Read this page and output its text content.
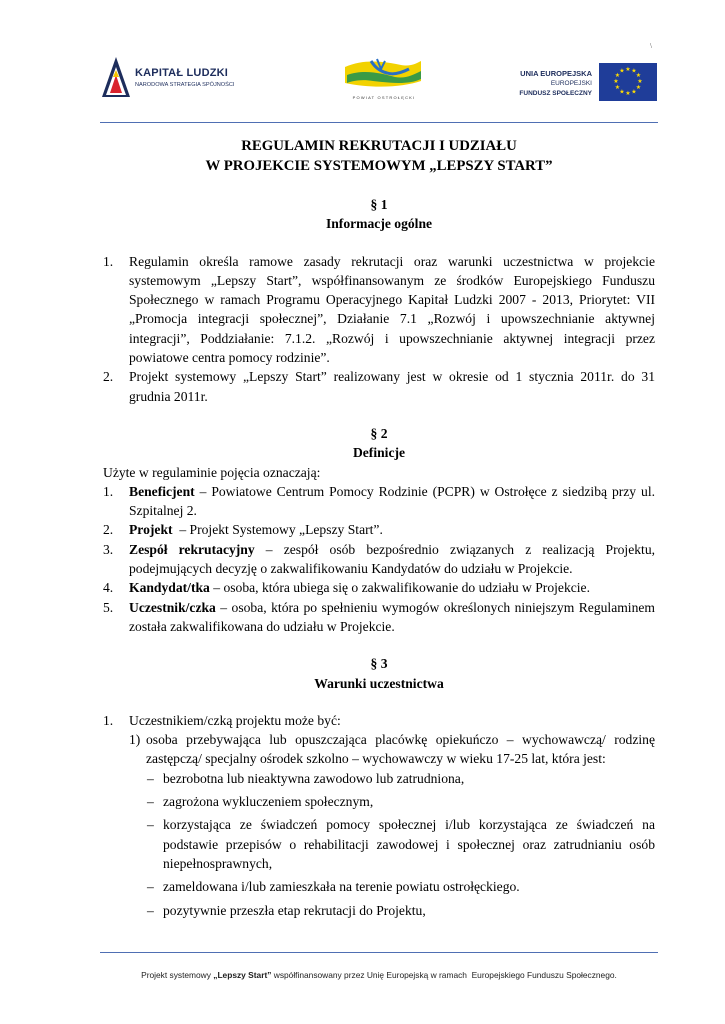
\
KAPITAŁ LUDZKI
NARODOWA STRATEGIA SPÓJNOŚCI
POWIAT OSTROŁĘCKI
UNIA EUROPEJSKA
EUROPEJSKI
FUNDUSZ SPOŁECZNY
★ ★
★
★
★
★
★
★
★
★
★
★
REGULAMIN REKRUTACJI I UDZIAŁU
W PROJEKCIE SYSTEMOWYM „LEPSZY START”
§ 1
Informacje ogólne
1. Regulamin określa ramowe zasady rekrutacji oraz warunki uczestnictwa w projekcie systemowym „Lepszy Start”, współfinansowanym ze środków Europejskiego Funduszu Społecznego w ramach Programu Operacyjnego Kapitał Ludzki 2007 - 2013, Priorytet: VII „Promocja integracji społecznej”, Działanie 7.1 „Rozwój i upowszechnianie aktywnej integracji”, Poddziałanie: 7.1.2. „Rozwój i upowszechnianie aktywnej integracji przez powiatowe centra pomocy rodzinie”.
2. Projekt systemowy „Lepszy Start” realizowany jest w okresie od 1 stycznia 2011r. do 31 grudnia 2011r.
§ 2
Definicje
Użyte w regulaminie pojęcia oznaczają:
1. Beneficjent – Powiatowe Centrum Pomocy Rodzinie (PCPR) w Ostrołęce z siedzibą przy ul. Szpitalnej 2.
2. Projekt  – Projekt Systemowy „Lepszy Start”.
3. Zespół rekrutacyjny – zespół osób bezpośrednio związanych z realizacją Projektu, podejmujących decyzję o zakwalifikowaniu Kandydatów do udziału w Projekcie.
4. Kandydat/tka – osoba, która ubiega się o zakwalifikowanie do udziału w Projekcie.
5. Uczestnik/czka – osoba, która po spełnieniu wymogów określonych niniejszym Regulaminem została zakwalifikowana do udziału w Projekcie.
§ 3
Warunki uczestnictwa
1. Uczestnikiem/czką projektu może być:
1) osoba przebywająca lub opuszczająca placówkę opiekuńczo – wychowawczą/ rodzinę zastępczą/ specjalny ośrodek szkolno – wychowawczy w wieku 17-25 lat, która jest:
– bezrobotna lub nieaktywna zawodowo lub zatrudniona,
– zagrożona wykluczeniem społecznym,
– korzystająca ze świadczeń pomocy społecznej i/lub korzystająca ze świadczeń na podstawie przepisów o rehabilitacji zawodowej i społecznej oraz zatrudnianiu osób niepełnosprawnych,
– zameldowana i/lub zamieszkała na terenie powiatu ostrołęckiego.
– pozytywnie przeszła etap rekrutacji do Projektu,
Projekt systemowy „Lepszy Start” współfinansowany przez Unię Europejską w ramach  Europejskiego Funduszu Społecznego.
